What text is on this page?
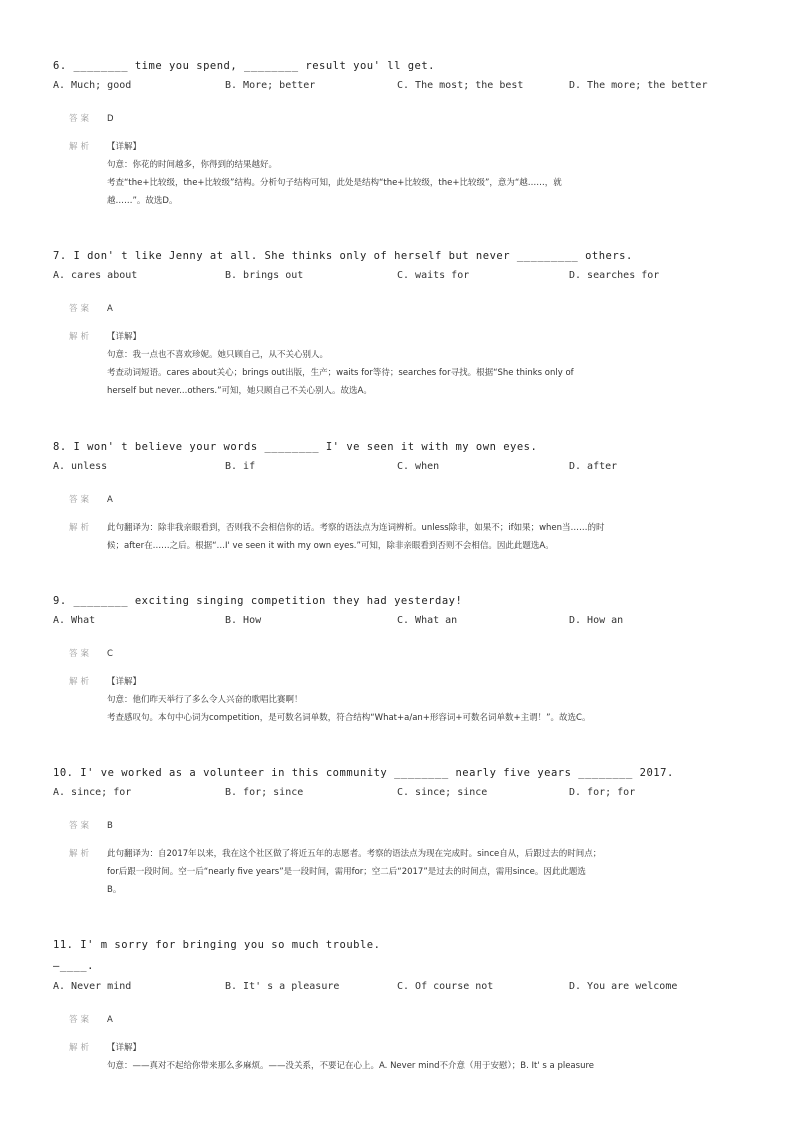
6. ________ time you spend, ________ result you' ll get.
A. Much; good	B. More; better	C. The most; the best	D. The more; the better
答案 D
解析 【详解】
句意：你花的时间越多，你得到的结果越好。
考查“the+比较级，the+比较级”结构。分析句子结构可知，此处是结构“the+比较级，the+比较级”，意为“越……，就
越……”。故选D。
7. I don' t like Jenny at all. She thinks only of herself but never _________ others.
A. cares about	B. brings out	C. waits for	D. searches for
答案 A
解析 【详解】
句意：我一点也不喜欢珍妮。她只顾自己，从不关心别人。
考查动词短语。cares about关心；brings out出版，生产；waits for等待；searches for寻找。根据“She thinks only of
herself but never...others.”可知，她只顾自己不关心别人。故选A。
8. I won' t believe your words ________ I' ve seen it with my own eyes.
A. unless	B. if	C. when	D. after
答案 A
解析 此句翻译为：除非我亲眼看到，否则我不会相信你的话。考察的语法点为连词辨析。unless除非，如果不；if如果；when当……的时
候；after在……之后。根据“…I' ve seen it with my own eyes.”可知，除非亲眼看到否则不会相信。因此此题选A。
9. ________ exciting singing competition they had yesterday!
A. What	B. How	C. What an	D. How an
答案 C
解析 【详解】
句意：他们昨天举行了多么令人兴奋的歌唱比赛啊！
考查感叹句。本句中心词为competition，是可数名词单数，符合结构“What+a/an+形容词+可数名词单数+主谓！”。故选C。
10. I' ve worked as a volunteer in this community ________ nearly five years ________ 2017.
A. since; for	B. for; since	C. since; since	D. for; for
答案 B
解析 此句翻译为：自2017年以来，我在这个社区做了将近五年的志愿者。考察的语法点为现在完成时。since自从，后跟过去的时间点；
for后跟一段时间。空一后“nearly five years”是一段时间，需用for；空二后“2017”是过去的时间点，需用since。因此此题选
B。
11. I' m sorry for bringing you so much trouble.
—____.
A. Never mind	B. It' s a pleasure	C. Of course not	D. You are welcome
答案 A
解析 【详解】
句意：——真对不起给你带来那么多麻烦。——没关系，不要记在心上。A. Never mind不介意（用于安慰）；B. It' s a pleasure
